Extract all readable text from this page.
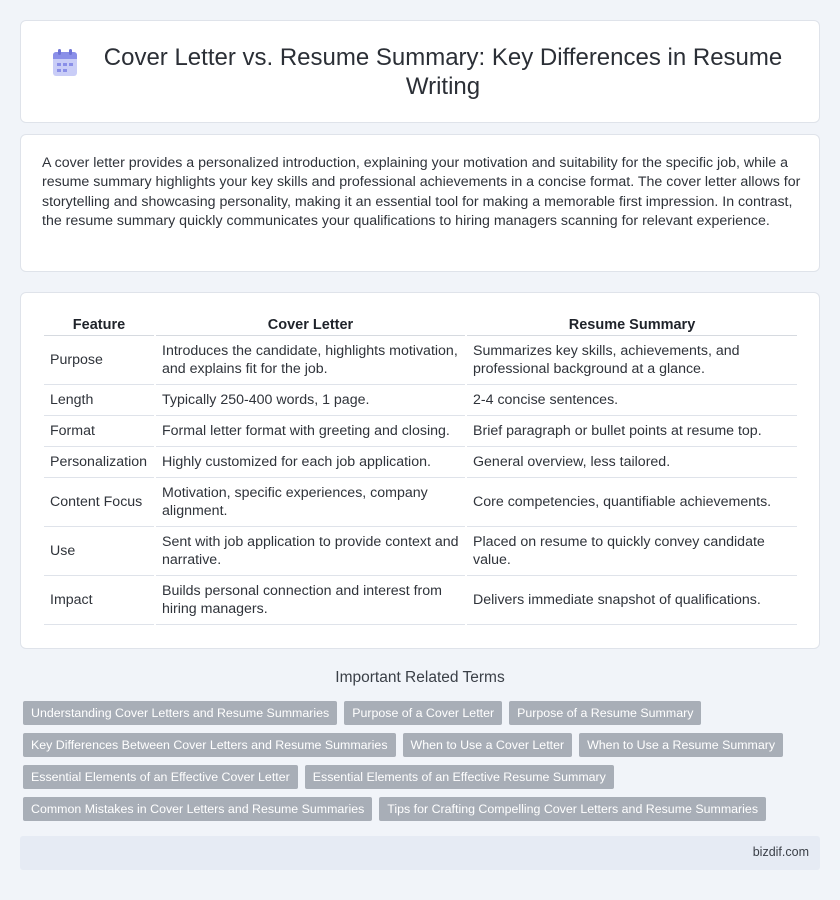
Cover Letter vs. Resume Summary: Key Differences in Resume Writing

A cover letter provides a personalized introduction, explaining your motivation and suitability for the specific job, while a resume summary highlights your key skills and professional achievements in a concise format. The cover letter allows for storytelling and showcasing personality, making it an essential tool for making a memorable first impression. In contrast, the resume summary quickly communicates your qualifications to hiring managers scanning for relevant experience.

Feature	Cover Letter	Resume Summary
Purpose	Introduces the candidate, highlights motivation, and explains fit for the job.	Summarizes key skills, achievements, and professional background at a glance.
Length	Typically 250-400 words, 1 page.	2-4 concise sentences.
Format	Formal letter format with greeting and closing.	Brief paragraph or bullet points at resume top.
Personalization	Highly customized for each job application.	General overview, less tailored.
Content Focus	Motivation, specific experiences, company alignment.	Core competencies, quantifiable achievements.
Use	Sent with job application to provide context and narrative.	Placed on resume to quickly convey candidate value.
Impact	Builds personal connection and interest from hiring managers.	Delivers immediate snapshot of qualifications.
Important Related Terms
Understanding Cover Letters and Resume Summaries	Purpose of a Cover Letter	Purpose of a Resume Summary
Key Differences Between Cover Letters and Resume Summaries	When to Use a Cover Letter	When to Use a Resume Summary
Essential Elements of an Effective Cover Letter	Essential Elements of an Effective Resume Summary
Common Mistakes in Cover Letters and Resume Summaries	Tips for Crafting Compelling Cover Letters and Resume Summaries
bizdif.com
